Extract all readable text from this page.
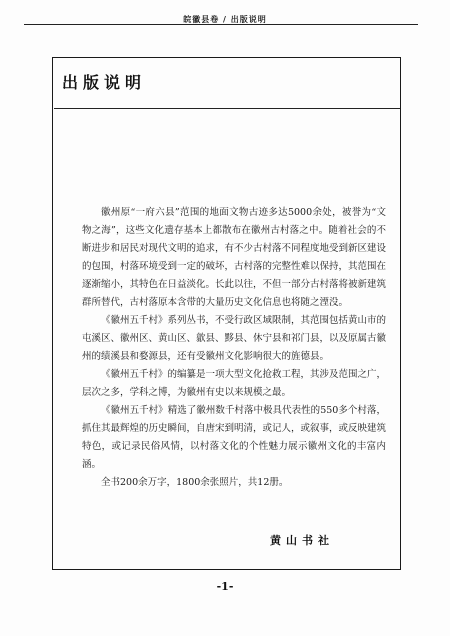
皖徽县卷 / 出版说明
出版说明

徽州原“一府六县”范围的地面文物古迹多达5000余处，被誉为“文物之海”，这些文化遗存基本上都散布在徽州古村落之中。随着社会的不断进步和居民对现代文明的追求，有不少古村落不同程度地受到新区建设的包围，村落环境受到一定的破坏，古村落的完整性难以保持，其范围在逐渐缩小，其特色在日益淡化。长此以往，不但一部分古村落将被新建筑群所替代，古村落原本含带的大量历史文化信息也将随之湮没。

《徽州五千村》系列丛书，不受行政区域限制，其范围包括黄山市的屯溪区、徽州区、黄山区、歙县、黟县、休宁县和祁门县，以及原属古徽州的绩溪县和婺源县，还有受徽州文化影响很大的旌德县。

《徽州五千村》的编纂是一项大型文化抢救工程，其涉及范围之广，层次之多，学科之博，为徽州有史以来规模之最。

《徽州五千村》精选了徽州数千村落中极具代表性的550多个村落，抓住其最辉煌的历史瞬间，自唐宋到明清，或记人，或叙事，或反映建筑特色，或记录民俗风情，以村落文化的个性魅力展示徽州文化的丰富内涵。

全书200余万字，1800余张照片，共12册。

黄山书社
-1-
